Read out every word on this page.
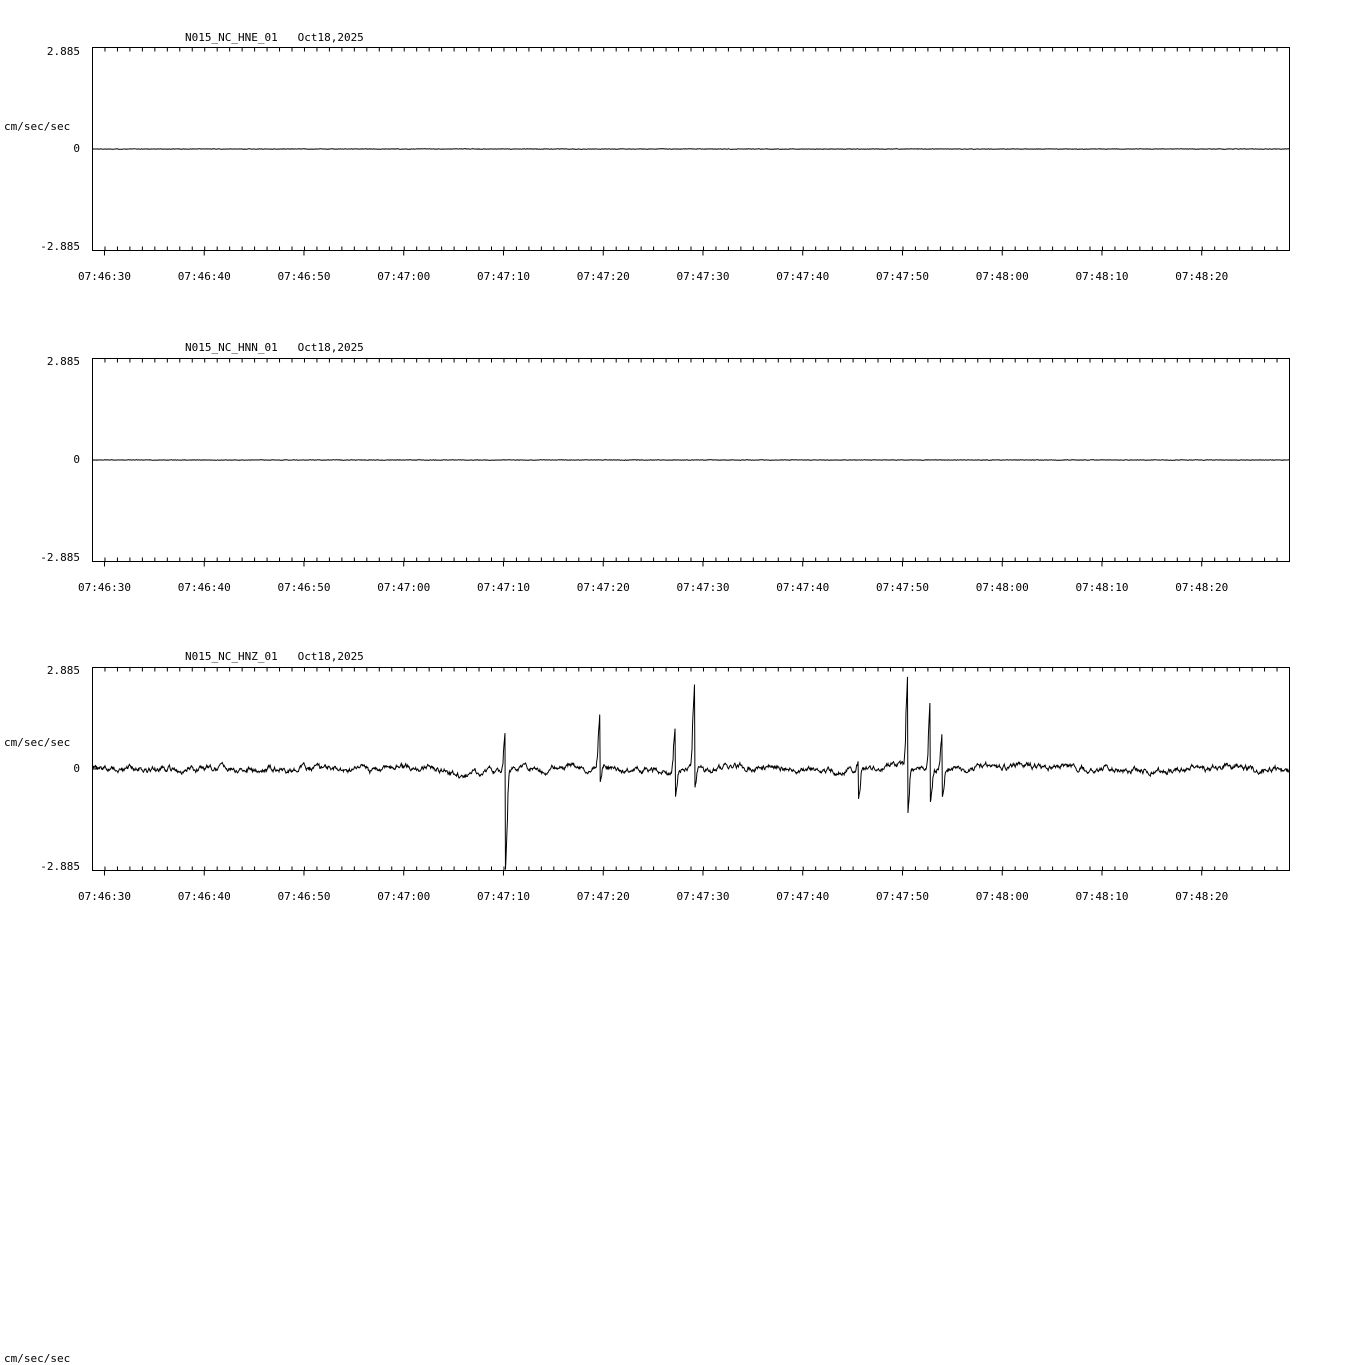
N015_NC_HNE_01   Oct18,2025
cm/sec/sec
2.885
0
-2.885
07:46:30	07:46:40	07:46:50	07:47:00	07:47:10	07:47:20	07:47:30	07:47:40	07:47:50	07:48:00	07:48:10	07:48:20
N015_NC_HNN_01   Oct18,2025
cm/sec/sec
2.885
0
-2.885
07:46:30	07:46:40	07:46:50	07:47:00	07:47:10	07:47:20	07:47:30	07:47:40	07:47:50	07:48:00	07:48:10	07:48:20
N015_NC_HNZ_01   Oct18,2025
cm/sec/sec
2.885
0
-2.885
07:46:30	07:46:40	07:46:50	07:47:00	07:47:10	07:47:20	07:47:30	07:47:40	07:47:50	07:48:00	07:48:10	07:48:20
